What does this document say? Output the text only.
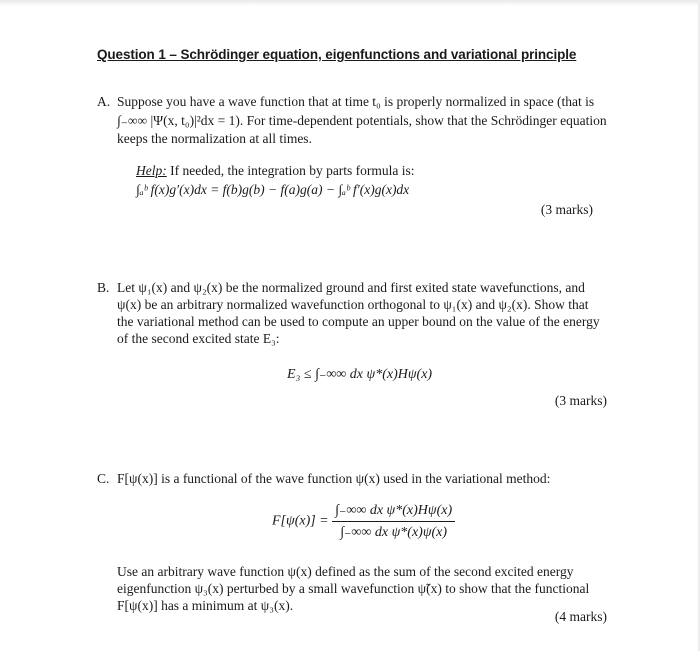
Question 1 – Schrödinger equation, eigenfunctions and variational principle
A. Suppose you have a wave function that at time t₀ is properly normalized in space (that is
∫₋∞∞ |Ψ(x, t₀)|²dx = 1). For time-dependent potentials, show that the Schrödinger equation
keeps the normalization at all times.
Help: If needed, the integration by parts formula is:
∫ₐᵇ f(x)g′(x)dx = f(b)g(b) − f(a)g(a) − ∫ₐᵇ f′(x)g(x)dx
(3 marks)
B. Let ψ₁(x) and ψ₂(x) be the normalized ground and first exited state wavefunctions, and
ψ(x) be an arbitrary normalized wavefunction orthogonal to ψ₁(x) and ψ₂(x). Show that
the variational method can be used to compute an upper bound on the value of the energy
of the second excited state E₃:
E₃ ≤ ∫₋∞∞ dx ψ*(x)Hψ(x)
(3 marks)
C. F[ψ(x)] is a functional of the wave function ψ(x) used in the variational method:
$F[\psi(x)] = \frac{\text{∫₋∞∞ dx ψ*(x)Hψ(x)}}{\text{∫₋∞∞ dx ψ*(x)ψ(x)}}$
Use an arbitrary wave function ψ(x) defined as the sum of the second excited energy
eigenfunction ψ₃(x) perturbed by a small wavefunction ψ̃(x) to show that the functional
F[ψ(x)] has a minimum at ψ₃(x).
(4 marks)
